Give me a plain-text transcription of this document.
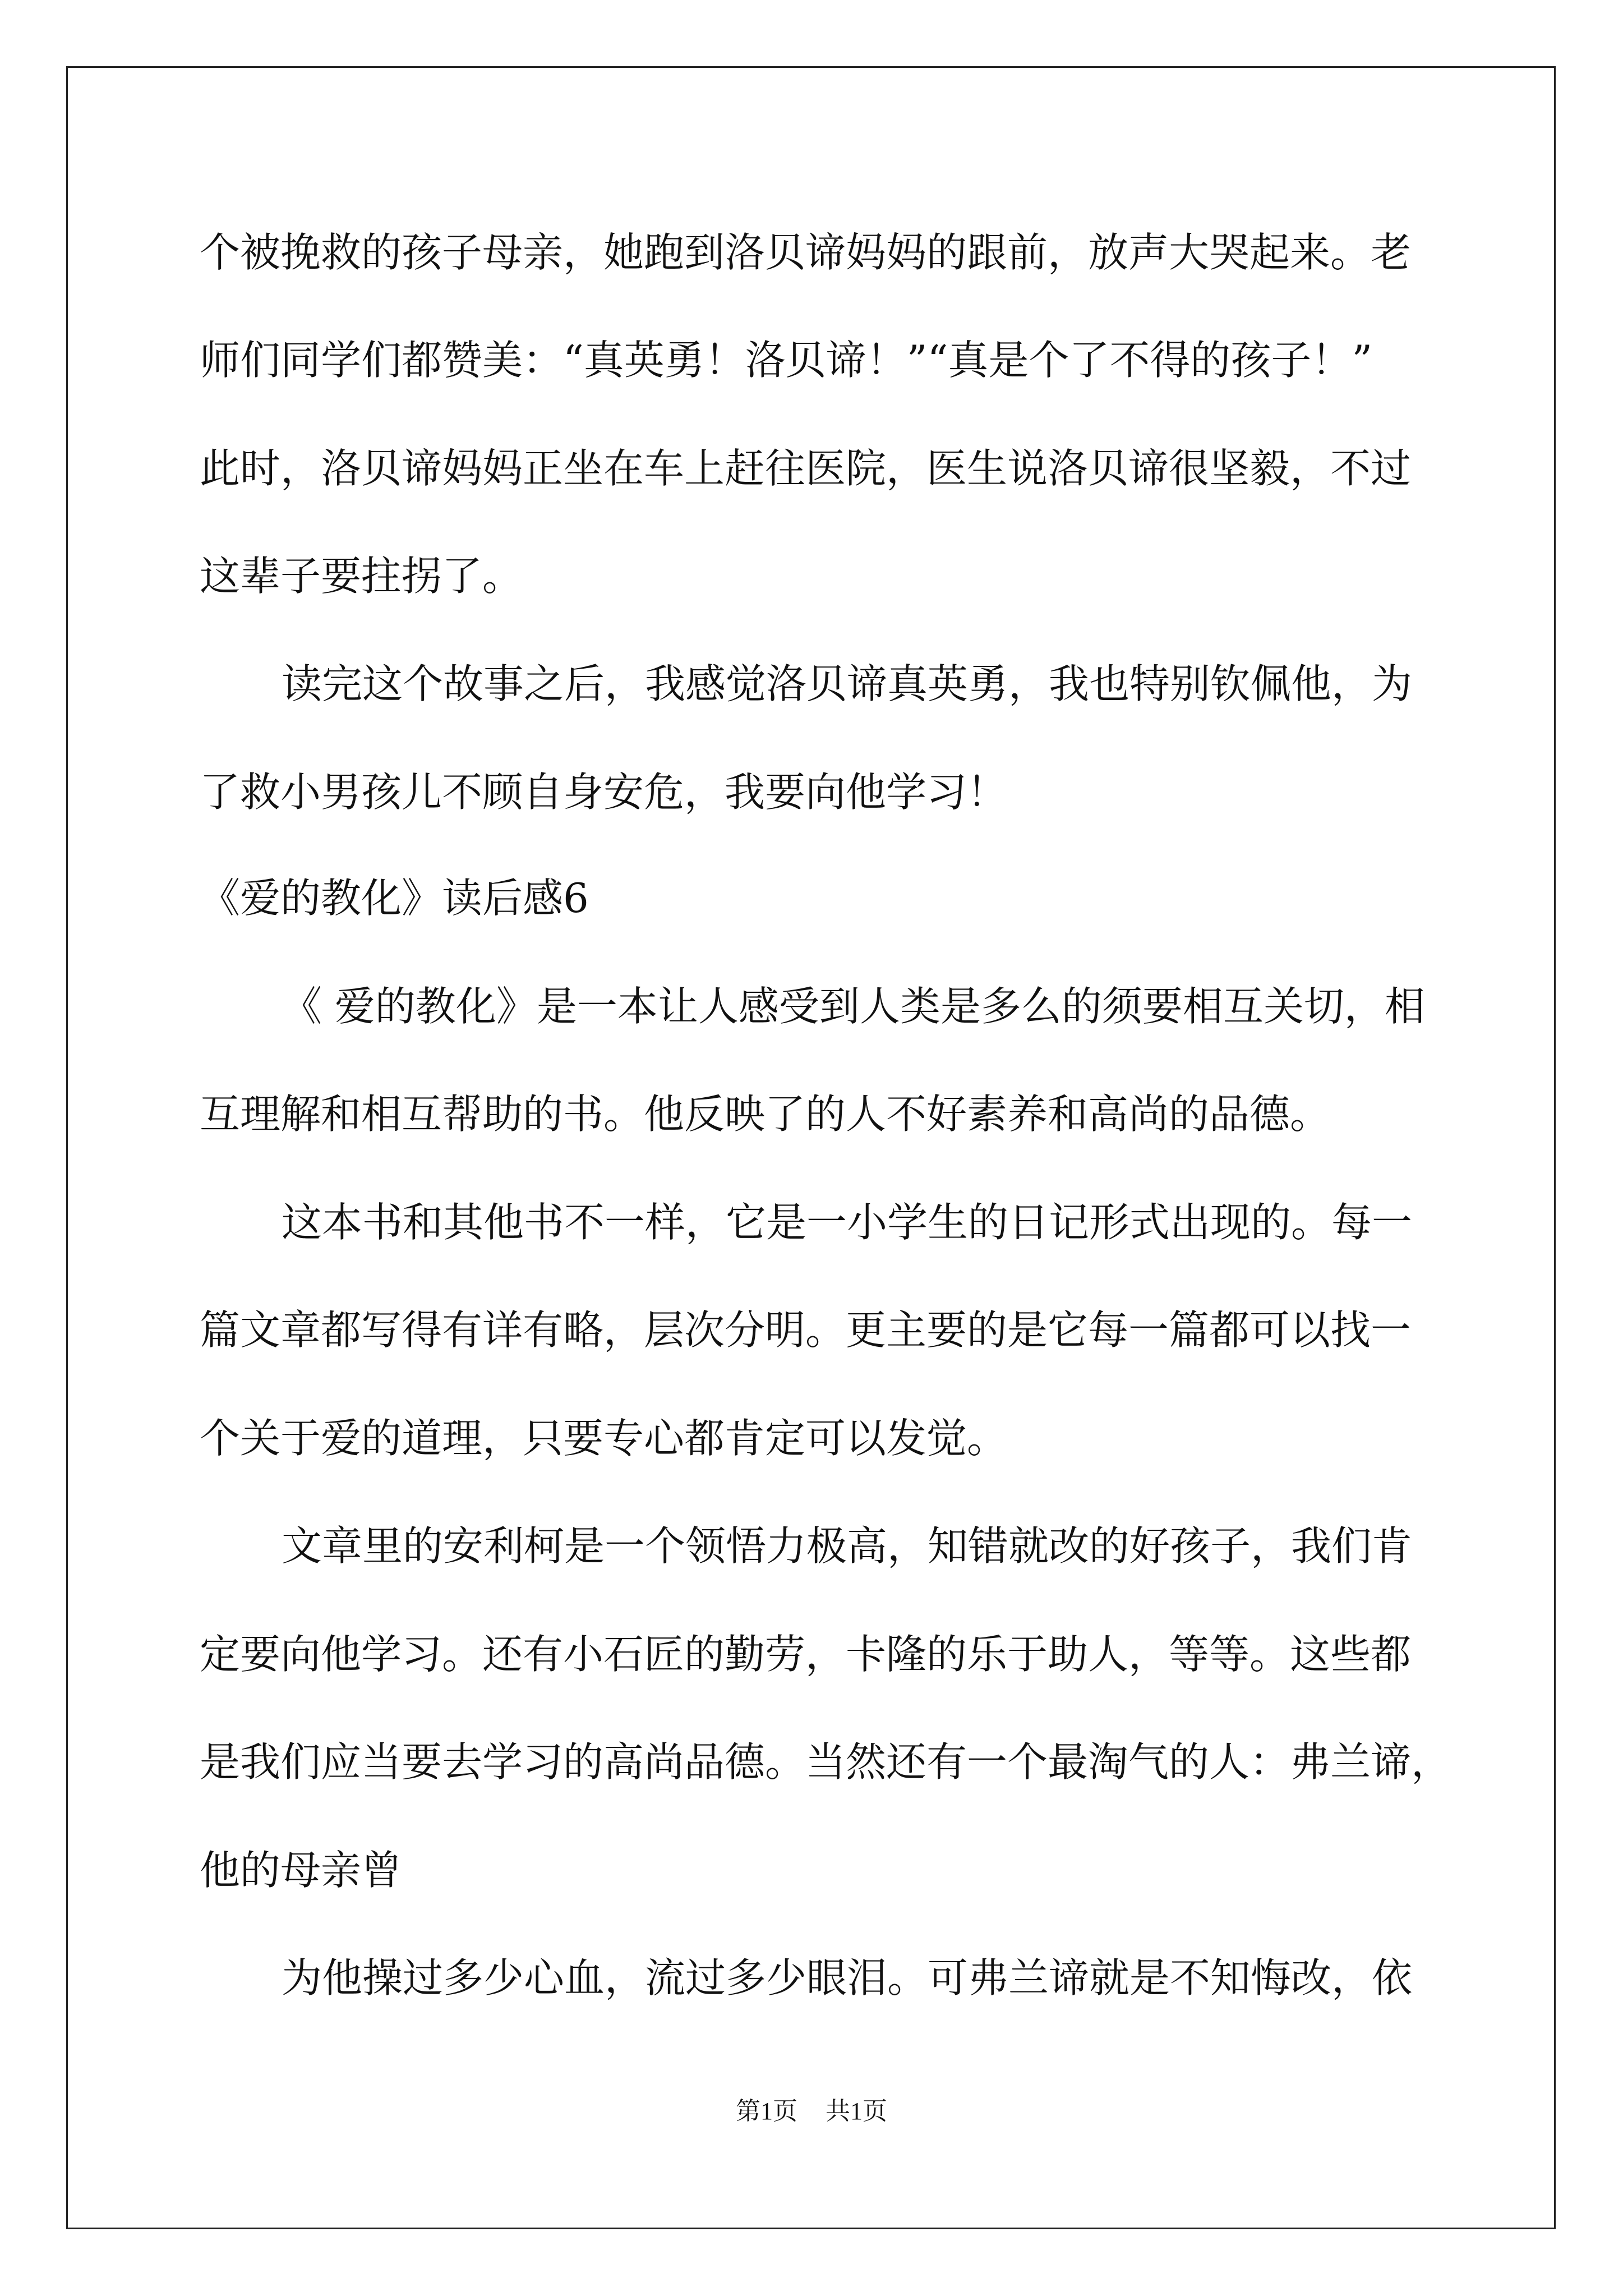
个被挽救的孩子母亲，她跑到洛贝谛妈妈的跟前，放声大哭起来。老
师们同学们都赞美：“真英勇！洛贝谛！”“真是个了不得的孩子！”
此时，洛贝谛妈妈正坐在车上赶往医院，医生说洛贝谛很坚毅，不过
这辈子要拄拐了。
读完这个故事之后，我感觉洛贝谛真英勇，我也特别钦佩他，为
了救小男孩儿不顾自身安危，我要向他学习！
《爱的教化》读后感6
《 爱的教化》是一本让人感受到人类是多么的须要相互关切，相
互理解和相互帮助的书。他反映了的人不好素养和高尚的品德。
这本书和其他书不一样，它是一小学生的日记形式出现的。每一
篇文章都写得有详有略，层次分明。更主要的是它每一篇都可以找一
个关于爱的道理，只要专心都肯定可以发觉。
文章里的安利柯是一个领悟力极高，知错就改的好孩子，我们肯
定要向他学习。还有小石匠的勤劳，卡隆的乐于助人，等等。这些都
是我们应当要去学习的高尚品德。当然还有一个最淘气的人：弗兰谛，
他的母亲曾
为他操过多少心血，流过多少眼泪。可弗兰谛就是不知悔改，依
第1页 共1页
